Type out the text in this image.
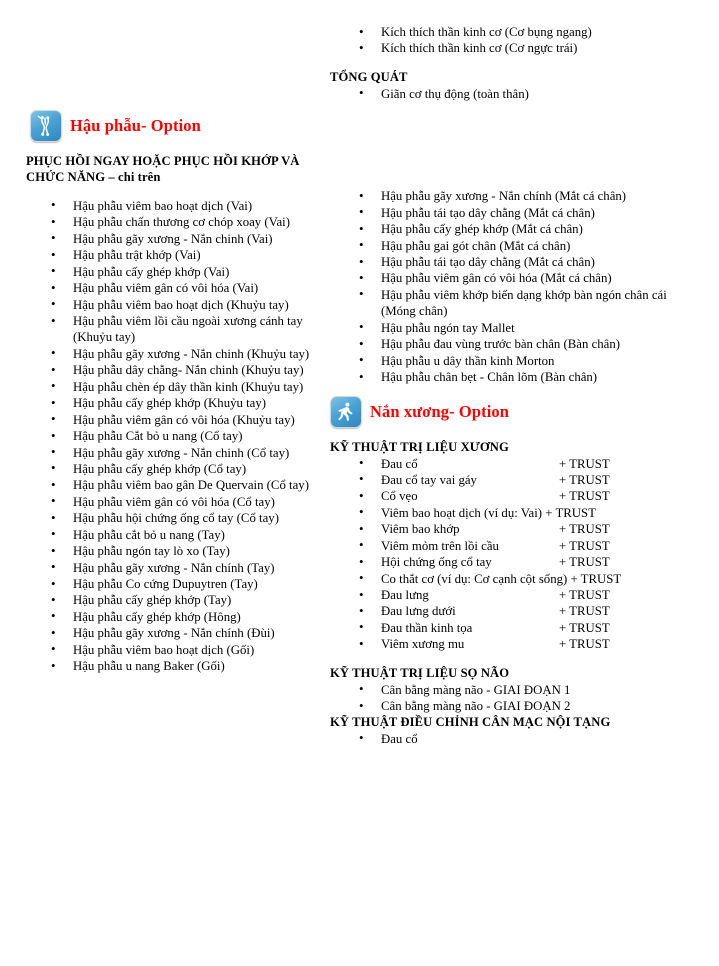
Hậu phẫu- Option
PHỤC HỒI NGAY HOẶC PHỤC HỒI KHỚP VÀ CHỨC NĂNG – chi trên
• Hậu phẫu viêm bao hoạt dịch (Vai)
• Hậu phẫu chấn thương cơ chóp xoay (Vai)
• Hậu phẫu gãy xương - Nắn chinh (Vai)
• Hậu phẫu trật khớp (Vai)
• Hậu phẫu cấy ghép khớp (Vai)
• Hậu phẫu viêm gân có vôi hóa (Vai)
• Hậu phẫu viêm bao hoạt dịch (Khuỷu tay)
• Hậu phẫu viêm lồi cầu ngoài xương cánh tay (Khuỷu tay)
• Hậu phẫu gãy xương - Nắn chinh (Khuỷu tay)
• Hậu phẫu dây chằng- Nắn chinh (Khuỷu tay)
• Hậu phẫu chèn ép dây thần kinh (Khuỷu tay)
• Hậu phẫu cấy ghép khớp (Khuỷu tay)
• Hậu phẫu viêm gân có vôi hóa (Khuỷu tay)
• Hậu phẫu Cắt bỏ u nang (Cổ tay)
• Hậu phẫu gãy xương - Nắn chinh (Cổ tay)
• Hậu phẫu cấy ghép khớp (Cổ tay)
• Hậu phẫu viêm bao gân De Quervain (Cổ tay)
• Hậu phẫu viêm gân có vôi hóa (Cổ tay)
• Hậu phẫu hội chứng ống cổ tay (Cổ tay)
• Hậu phẫu cắt bỏ u nang (Tay)
• Hậu phẫu ngón tay lò xo (Tay)
• Hậu phẫu gãy xương - Nắn chính (Tay)
• Hậu phẫu Co cứng Dupuytren (Tay)
• Hậu phẫu cấy ghép khớp (Tay)
• Hậu phẫu cấy ghép khớp (Hông)
• Hậu phẫu gãy xương - Nắn chính (Đùi)
• Hậu phẫu viêm bao hoạt dịch (Gối)
• Hậu phẫu u nang Baker (Gối)
• Kích thích thần kinh cơ (Cơ bụng ngang)
• Kích thích thần kinh cơ (Cơ ngực trái)
TỔNG QUÁT
• Giãn cơ thụ động (toàn thân)
• Hậu phẫu gãy xương - Nắn chính (Mắt cá chân)
• Hậu phẫu tái tạo dây chằng (Mắt cá chân)
• Hậu phẫu cấy ghép khớp (Mắt cá chân)
• Hậu phẫu gai gót chân (Mắt cá chân)
• Hậu phẫu tái tạo dây chằng (Mắt cá chân)
• Hậu phẫu viêm gân có vôi hóa (Mắt cá chân)
• Hậu phẫu viêm khớp biến dạng khớp bàn ngón chân cái (Móng chân)
• Hậu phẫu ngón tay Mallet
• Hậu phẫu đau vùng trước bàn chân (Bàn chân)
• Hậu phẫu u dây thần kinh Morton
• Hậu phẫu chân bẹt - Chân lõm (Bàn chân)
Nắn xương- Option
KỸ THUẬT TRỊ LIỆU XƯƠNG
• Đau cổ	+ TRUST
• Đau cổ tay vai gáy	+ TRUST
• Cổ vẹo	+ TRUST
• Viêm bao hoạt dịch (ví dụ: Vai) + TRUST
• Viêm bao khớp	+ TRUST
• Viêm mỏm trên lồi cầu	+ TRUST
• Hội chứng ống cổ tay	+ TRUST
• Co thắt cơ (ví dụ: Cơ cạnh cột sống) + TRUST
• Đau lưng	+ TRUST
• Đau lưng dưới	+ TRUST
• Đau thần kinh tọa	+ TRUST
• Viêm xương mu	+ TRUST
KỸ THUẬT TRỊ LIỆU SỌ NÃO
• Cân bằng màng não - GIAI ĐOẠN 1
• Cân bằng màng não - GIAI ĐOẠN 2
KỸ THUẬT ĐIỀU CHỈNH CÂN MẠC NỘI TẠNG
• Đau cổ
